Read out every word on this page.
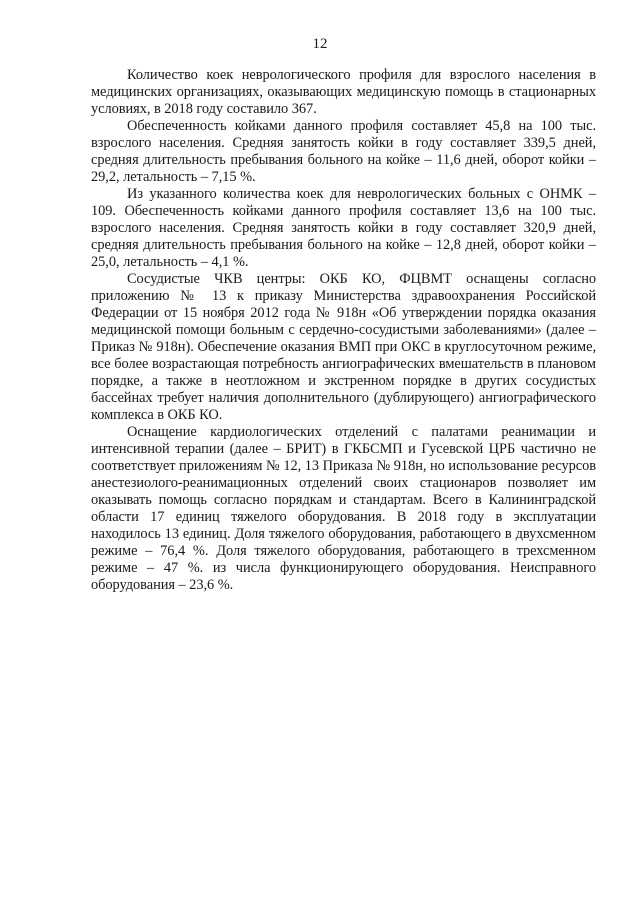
12

Количество коек неврологического профиля для взрослого населения в медицинских организациях, оказывающих медицинскую помощь в стационарных условиях, в 2018 году составило 367.

Обеспеченность койками данного профиля составляет 45,8 на 100 тыс. взрослого населения. Средняя занятость койки в году составляет 339,5 дней, средняя длительность пребывания больного на койке – 11,6 дней, оборот койки – 29,2, летальность – 7,15 %.

Из указанного количества коек для неврологических больных с ОНМК – 109. Обеспеченность койками данного профиля составляет 13,6 на 100 тыс. взрослого населения. Средняя занятость койки в году составляет 320,9 дней, средняя длительность пребывания больного на койке – 12,8 дней, оборот койки – 25,0, летальность – 4,1 %.

Сосудистые ЧКВ центры: ОКБ КО, ФЦВМТ оснащены согласно приложению № 13 к приказу Министерства здравоохранения Российской Федерации от 15 ноября 2012 года № 918н «Об утверждении порядка оказания медицинской помощи больным с сердечно-сосудистыми заболеваниями» (далее – Приказ № 918н). Обеспечение оказания ВМП при ОКС в круглосуточном режиме, все более возрастающая потребность ангиографических вмешательств в плановом порядке, а также в неотложном и экстренном порядке в других сосудистых бассейнах требует наличия дополнительного (дублирующего) ангиографического комплекса в ОКБ КО.

Оснащение кардиологических отделений с палатами реанимации и интенсивной терапии (далее – БРИТ) в ГКБСМП и Гусевской ЦРБ частично не соответствует приложениям № 12, 13 Приказа № 918н, но использование ресурсов анестезиолого-реанимационных отделений своих стационаров позволяет им оказывать помощь согласно порядкам и стандартам. Всего в Калининградской области 17 единиц тяжелого оборудования. В 2018 году в эксплуатации находилось 13 единиц. Доля тяжелого оборудования, работающего в двухсменном режиме – 76,4 %. Доля тяжелого оборудования, работающего в трехсменном режиме – 47 %. из числа функционирующего оборудования. Неисправного оборудования – 23,6 %.
